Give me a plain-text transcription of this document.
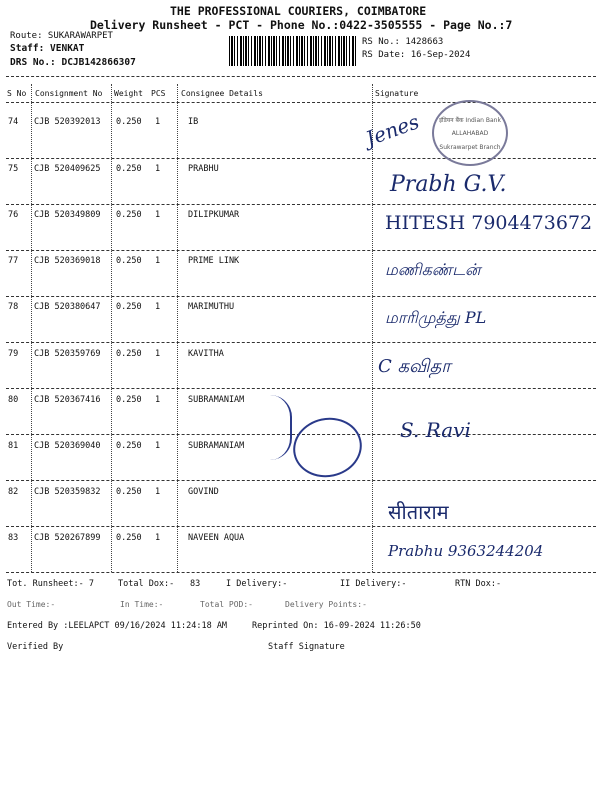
THE PROFESSIONAL COURIERS, COIMBATORE
Delivery Runsheet - PCT - Phone No.:0422-3505555 - Page No.:7
Route: SUKARAWARPET
Staff: VENKAT
DRS No.: DCJB142866307
RS No.: 1428663
RS Date: 16-Sep-2024
S No Consignment No Weight PCS Consignee Details	Signature
74 CJB 520392013 0.250 1	IB
75 CJB 520409625 0.250 1	PRABHU
76 CJB 520349809 0.250 1	DILIPKUMAR
77 CJB 520369018 0.250 1	PRIME LINK
78 CJB 520380647 0.250 1	MARIMUTHU
79 CJB 520359769 0.250 1	KAVITHA
80 CJB 520367416 0.250 1	SUBRAMANIAM
81 CJB 520369040 0.250 1	SUBRAMANIAM
82 CJB 520359832 0.250 1	GOVIND
83 CJB 520267899 0.250 1	NAVEEN AQUA
इंडियन बैंक Indian Bank
ALLAHABAD
Sukrawarpet Branch
Jenes
Prabh G.V.
HITESH 7904473672
மணிகண்டன்
மாரிமுத்து PL
C கவிதா
S. Ravi
सीताराम
Prabhu 9363244204
Tot. Runsheet:- 7	Total Dox:- 83	I Delivery:-	II Delivery:-	RTN Dox:-
Out Time:-	In Time:-	Total POD:-	Delivery Points:-
Entered By :LEELAPCT 09/16/2024 11:24:18 AM	Reprinted On: 16-09-2024 11:26:50
Verified By	Staff Signature
